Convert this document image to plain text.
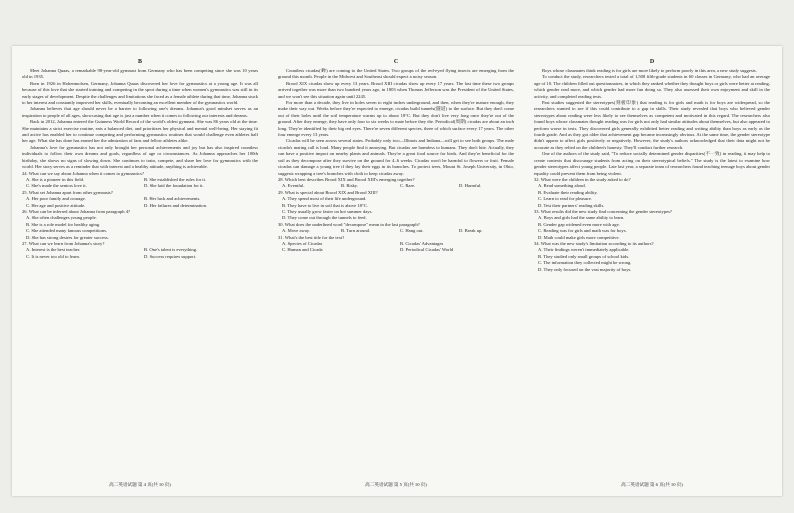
B

Meet Johanna Quaas, a remarkable 98-year-old gymnast from Germany who has been competing since she was 10 years old in 1935.

Born in 1926 in Hohenmolsen, Germany, Johanna Quaas discovered her love for gymnastics at a young age. It was all because of this love that she started training and competing in the sport during a time when women's gymnastics was still in its early stages of development. Despite the challenges and limitations she faced as a female athlete during that time, Johanna stuck to her interest and constantly improved her skills, eventually becoming an excellent member of the gymnastics world.

Johanna believes that age should never be a barrier to following one's dreams. Johanna's good mindset serves as an inspiration to people of all ages, showcasing that age is just a number when it comes to following our interests and dreams.

Back in 2012, Johanna entered the Guinness World Record of the world's oldest gymnast. She was 86 years old at the time. She maintains a strict exercise routine, eats a balanced diet, and prioritizes her physical and mental well-being. Her staying fit and active has enabled her to continue competing and performing gymnastics routines that would challenge even athletes half her age. What she has done has earned her the admiration of fans and fellow athletes alike.

Johanna's love for gymnastics has not only brought her personal achievements and joy but has also inspired countless individuals to follow their own dreams and goals, regardless of age or circumstances. As Johanna approaches her 100th birthday, she shows no signs of slowing down. She continues to train, compete, and share her love for gymnastics with the world. Her story serves as a reminder that with interest and a healthy attitude, anything is achievable.

24. What can we say about Johanna when it comes to gymnastics?

A. She is a pioneer in this field.	B. She established the rules for it.
C. She's made the seniors love it.	D. She laid the foundation for it.

25. What set Johanna apart from other gymnasts?

A. Her poor family and courage.	B. Her luck and achievements.
C. Her age and positive attitude.	D. Her failures and determination.

26. What can be inferred about Johanna from paragraph 4?

A. She often challenges young people.
B. She is a role model for healthy aging.
C. She attended many famous competitions.
D. She has strong desires for greater success.

27. What can we learn from Johanna's story?

A. Interest is the best teacher.	B. One's talent is everything.
C. It is never too old to learn.	D. Success requires support.
高二英语试题 第 4 页(共 10 页)
C

Countless cicadas(蝉) are coming to the United States. Two groups of the red-eyed flying insects are emerging from the ground this month. People in the Midwest and Southeast should expect a noisy season.

Brood XIX cicadas show up every 13 years. Brood XIII cicadas show up every 17 years. The last time these two groups arrived together was more than two hundred years ago, in 1803 when Thomas Jefferson was the President of the United States, and we won't see this situation again until 2245.

For more than a decade, they live in holes seven to eight inches underground, and then, when they're mature enough, they make their way out. Weeks before they're expected to emerge, cicadas build tunnels(隧道) to the surface. But they don't come out of their holes until the soil temperature warms up to about 18°C. But they don't live very long once they're out of the ground. After they emerge, they have only four to six weeks to mate before they die. Periodical(周期) cicadas are about an inch long. They're identified by their big red eyes. There're seven different species, three of which surface every 17 years. The other four emerge every 13 years.

Cicadas will be seen across several states. Probably only two—Illinois and Indiana—will get to see both groups. The male cicada's mating call is loud. Many people find it annoying. But cicadas are harmless to humans. They don't bite. Actually, they can have a positive impact on nearby plants and animals. They're a great food source for birds. And they're beneficial for the soil as they decompose after they survive on the ground for 4–6 weeks. Cicadas won't be harmful to flowers or fruit. Female cicadas can damage a young tree if they lay their eggs in its branches. To protect trees, Mount St. Joseph University, in Ohio, suggests wrapping a tree's branches with cloth to keep cicadas away.

28. Which best describes Brood XIX and Brood XIII's emerging together?

A. Eventful.	B. Risky.	C. Rare.	D. Harmful.

29. What is special about Brood XIX and Brood XIII?

A. They spend most of their life underground.
B. They have to live in soil that is above 18°C.
C. They usually grow faster on hot summer days.
D. They come out through the tunnels to feed.

30. What does the underlined word "decompose" mean in the last paragraph?

A. Move away.	B. Turn around.	C. Hang out.	D. Break up.

31. What's the best title for the text?

A. Species of Cicadas	B. Cicadas' Advantages
C. Human and Cicada	D. Periodical Cicadas' World
高二英语试题 第 5 页(共 10 页)
D

Boys whose classmates think reading is for girls are more likely to perform poorly in this area, a new study suggests.

To conduct the study, researchers tested a total of 1,508 fifth-grade students in 60 classes in Germany, who had an average age of 10. The children filled out questionnaires, in which they ranked whether they thought boys or girls were better at reading, which gender read more, and which gender had more fun doing so. They also assessed their own enjoyment and skill in the activity, and completed reading tests.

Past studies suggested the stereotypes(刻板印象) that reading is for girls and math is for boys are widespread, so the researchers wanted to see if this could contribute to a gap in skills. Their study revealed that boys who believed gender stereotypes about reading were less likely to see themselves as competent and motivated in this regard. The researchers also found boys whose classmates thought reading was for girls not only had similar attitudes about themselves, but also appeared to perform worse in tests. They discovered girls generally exhibited better reading and writing ability than boys as early as the fourth grade. And as they got older that achievement gap became increasingly obvious. At the same time, the gender stereotype didn't appear to affect girls positively or negatively. However, the study's authors acknowledged that their data might not be accurate as they relied on the children's honesty. They'll conduct further research.

One of the authors of the study said, "To reduce socially determined gender disparities(不一致) in reading, it may help to create contexts that discourage students from acting on their stereotypical beliefs." The study is the latest to examine how gender stereotypes affect young people. Late last year, a separate team of researchers found teaching teenage boys about gender equality could prevent them from being violent.

32. What were the children in the study asked to do?

A. Read something aloud.
B. Evaluate their reading ability.
C. Learn to read for pleasure.
D. Test their partners' reading skills.

33. What results did the new study find concerning the gender stereotypes?

A. Boys and girls had the same ability to learn.
B. Gender gap widened even more with age.
C. Reading was for girls and math was for boys.
D. Math could make girls more competitive.

34. What was the new study's limitation according to its authors?

A. Their findings weren't immediately applicable.
B. They studied only small groups of school kids.
C. The information they collected might be wrong.
D. They only focused on the vast majority of boys.
高二英语试题 第 6 页(共 10 页)
